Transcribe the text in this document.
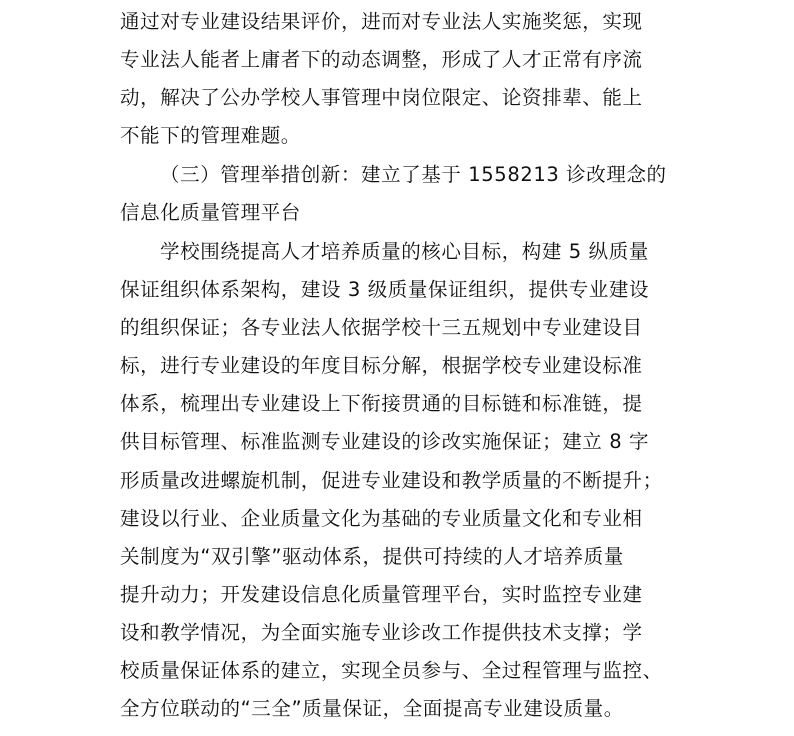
通过对专业建设结果评价，进而对专业法人实施奖惩，实现
专业法人能者上庸者下的动态调整，形成了人才正常有序流
动，解决了公办学校人事管理中岗位限定、论资排辈、能上
不能下的管理难题。
（三）管理举措创新：建立了基于 1558213 诊改理念的
信息化质量管理平台
学校围绕提高人才培养质量的核心目标，构建 5 纵质量
保证组织体系架构，建设 3 级质量保证组织，提供专业建设
的组织保证；各专业法人依据学校十三五规划中专业建设目
标，进行专业建设的年度目标分解，根据学校专业建设标准
体系，梳理出专业建设上下衔接贯通的目标链和标准链，提
供目标管理、标准监测专业建设的诊改实施保证；建立 8 字
形质量改进螺旋机制，促进专业建设和教学质量的不断提升；
建设以行业、企业质量文化为基础的专业质量文化和专业相
关制度为“双引擎”驱动体系，提供可持续的人才培养质量
提升动力；开发建设信息化质量管理平台，实时监控专业建
设和教学情况，为全面实施专业诊改工作提供技术支撑；学
校质量保证体系的建立，实现全员参与、全过程管理与监控、
全方位联动的“三全”质量保证，全面提高专业建设质量。
